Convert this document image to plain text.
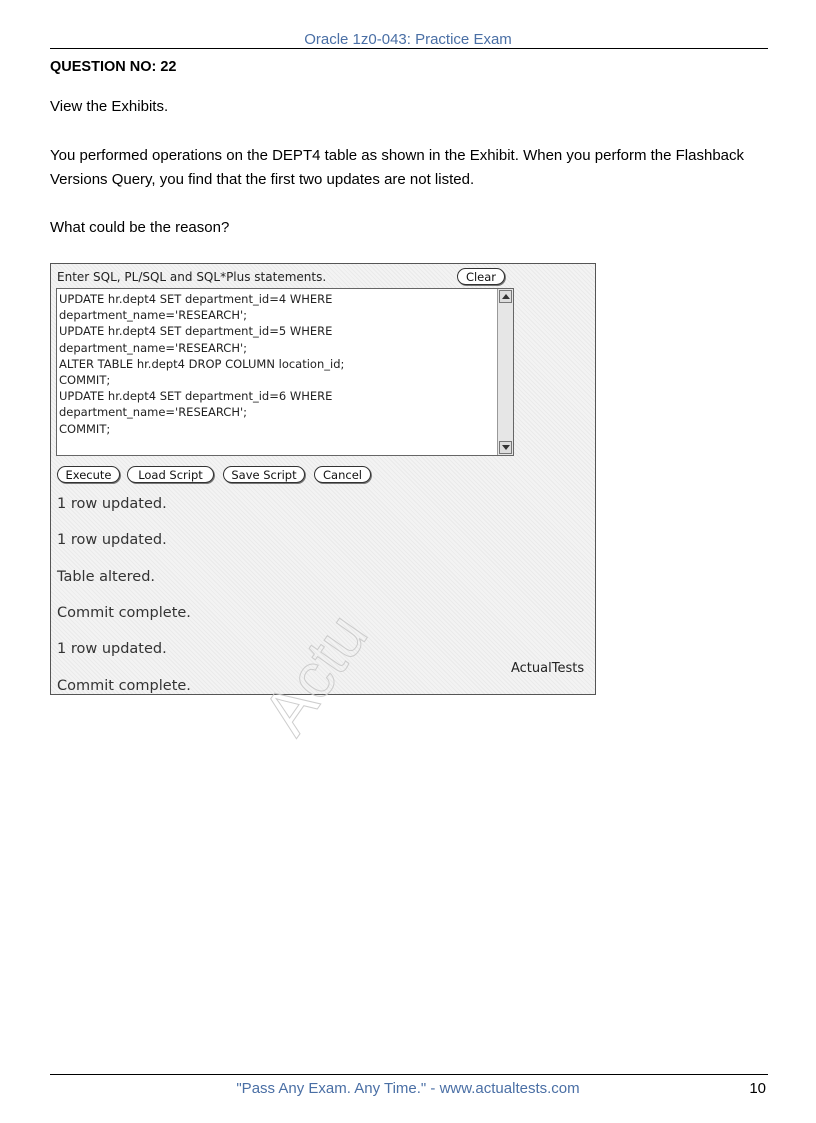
Oracle 1z0-043: Practice Exam
QUESTION NO: 22
View the Exhibits.
You performed operations on the DEPT4 table as shown in the Exhibit. When you perform the Flashback Versions Query, you find that the first two updates are not listed.
What could be the reason?
Enter SQL, PL/SQL and SQL*Plus statements.	Clear
UPDATE hr.dept4 SET department_id=4 WHERE
department_name='RESEARCH';
UPDATE hr.dept4 SET department_id=5 WHERE
department_name='RESEARCH';
ALTER TABLE hr.dept4 DROP COLUMN location_id;
COMMIT;
UPDATE hr.dept4 SET department_id=6 WHERE
department_name='RESEARCH';
COMMIT;
Execute	Load Script	Save Script	Cancel
1 row updated.
1 row updated.
Table altered.
Commit complete.
1 row updated.
Commit complete.
ActualTests
Actu
"Pass Any Exam. Any Time." - www.actualtests.com	10
